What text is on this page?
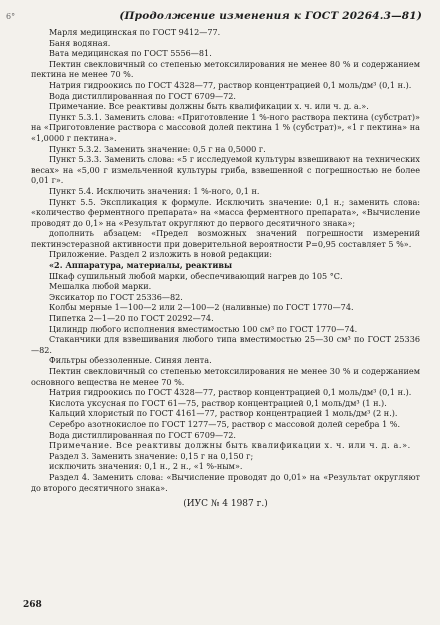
6°	(Продолжение изменения к ГОСТ 20264.3—81)

Марля медицинская по ГОСТ 9412—77.

Баня водяная.

Вата медицинская по ГОСТ 5556—81.

Пектин свекловичный со степенью метоксилирования не менее 80 % и содержанием пектина не менее 70 %.

Натрия гидроокись по ГОСТ 4328—77, раствор концентрацией 0,1 моль/дм³ (0,1 н.).

Вода дистиллированная по ГОСТ 6709—72.

Примечание. Все реактивы должны быть квалификации х. ч. или ч. д. а.».

Пункт 5.3.1. Заменить слова: «Приготовление 1 %-ного раствора пектина (субстрат)» на «Приготовление раствора с массовой долей пектина 1 % (субстрат)», «1 г пектина» на «1,0000 г пектина».

Пункт 5.3.2. Заменить значение: 0,5 г на 0,5000 г.

Пункт 5.3.3. Заменить слова: «5 г исследуемой культуры взвешивают на технических весах» на «5,00 г измельченной культуры гриба, взвешенной с погрешностью не более 0,01 г».

Пункт 5.4. Исключить значения: 1 %-ного, 0,1 н.

Пункт 5.5. Экспликация к формуле. Исключить значение: 0,1 н.; заменить слова: «количество ферментного препарата» на «масса ферментного препарата», «Вычисление проводят до 0,1» на «Результат округляют до первого десятичного знака»;

дополнить абзацем: «Предел возможных значений погрешности измерений пектинэстеразной активности при доверительной вероятности P=0,95 составляет 5 %».

Приложение. Раздел 2 изложить в новой редакции:

«2. Аппаратура, материалы, реактивы

Шкаф сушильный любой марки, обеспечивающий нагрев до 105 °С.

Мешалка любой марки.

Эксикатор по ГОСТ 25336—82.

Колбы мерные 1—100—2 или 2—100—2 (наливные) по ГОСТ 1770—74.

Пипетка 2—1—20 по ГОСТ 20292—74.

Цилиндр любого исполнения вместимостью 100 см³ по ГОСТ 1770—74.

Стаканчики для взвешивания любого типа вместимостью 25—30 см³ по ГОСТ 25336—82.

Фильтры обеззоленные. Синяя лента.

Пектин свекловичный со степенью метоксилирования не менее 30 % и содержанием основного вещества не менее 70 %.

Натрия гидроокись по ГОСТ 4328—77, раствор концентрацией 0,1 моль/дм³ (0,1 н.).

Кислота уксусная по ГОСТ 61—75, раствор концентрацией 0,1 моль/дм³ (1 н.).

Кальций хлористый по ГОСТ 4161—77, раствор концентрацией 1 моль/дм³ (2 н.).

Серебро азотнокислое по ГОСТ 1277—75, раствор с массовой долей серебра 1 %.

Вода дистиллированная по ГОСТ 6709—72.

Примечание. Все реактивы должны быть квалификации х. ч. или ч. д. а.».

Раздел 3. Заменить значение: 0,15 г на 0,150 г;

исключить значения: 0,1 н., 2 н., «1 %-ным».

Раздел 4. Заменить слова: «Вычисление проводят до 0,01» на «Результат округляют до второго десятичного знака».

(ИУС № 4 1987 г.)

268
